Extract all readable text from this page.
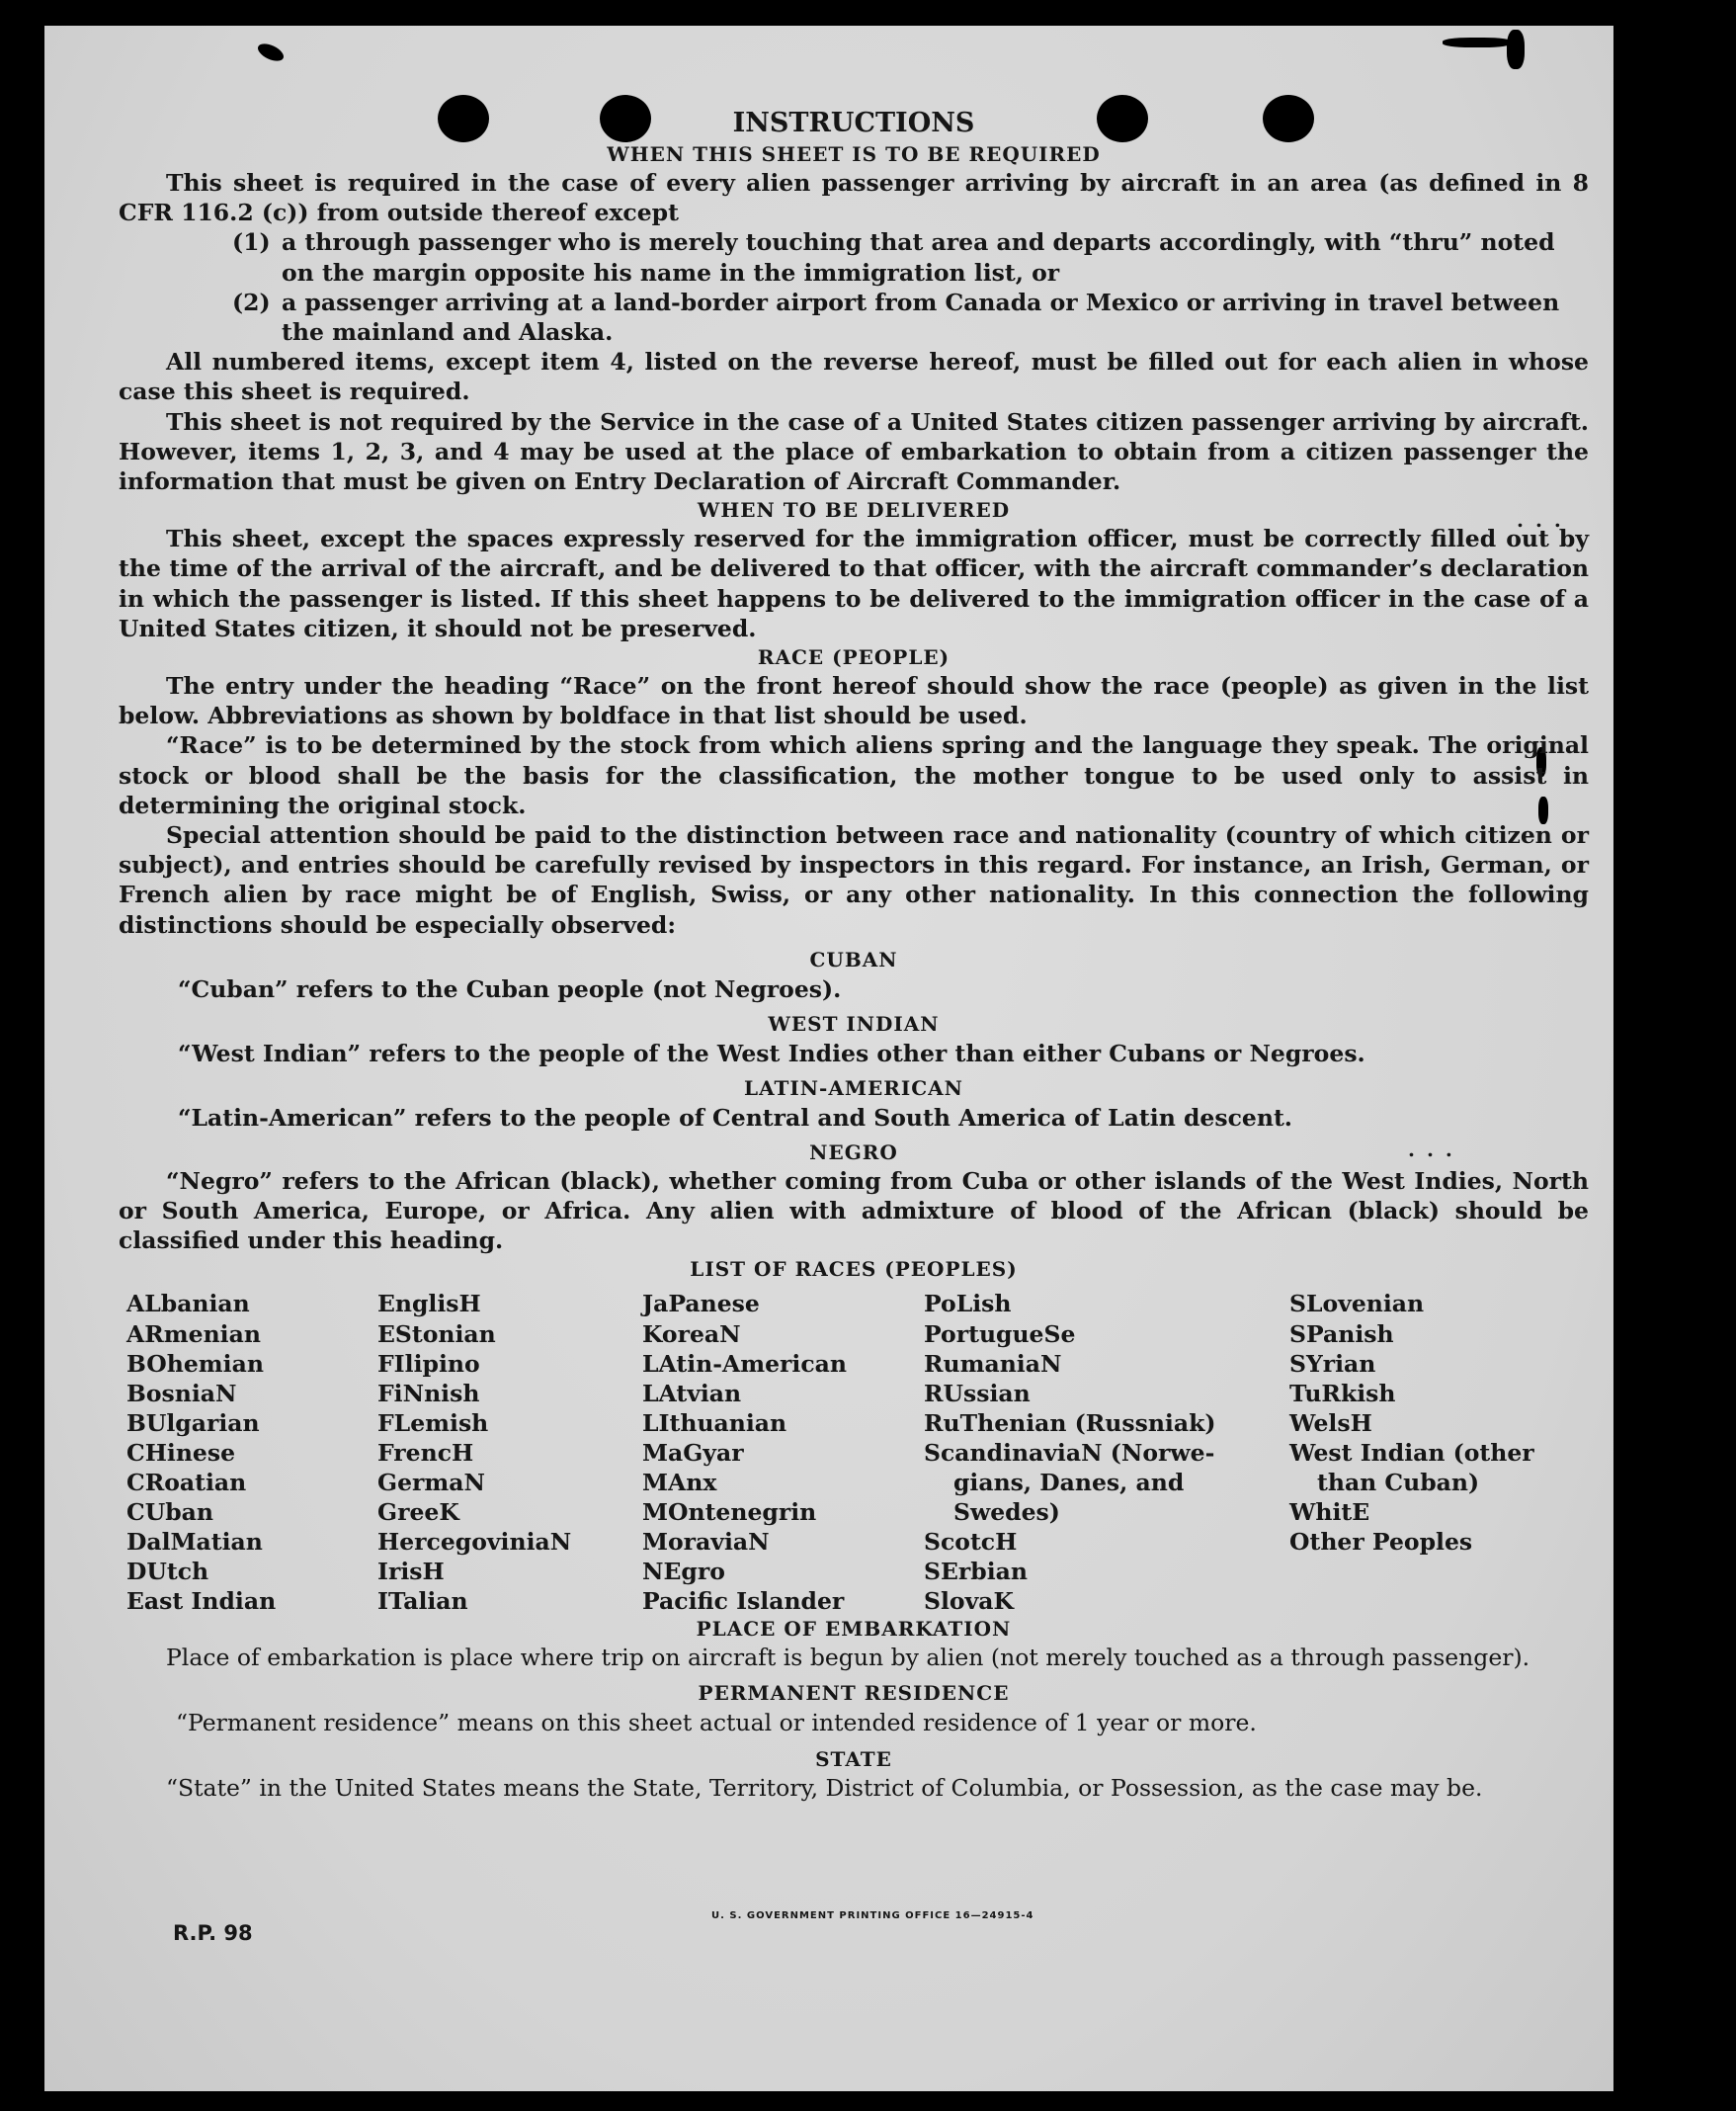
...
...
INSTRUCTIONS
WHEN THIS SHEET IS TO BE REQUIRED

This sheet is required in the case of every alien passenger arriving by aircraft in an area (as defined in 8 CFR 116.2 (c)) from outside thereof except

(1) a through passenger who is merely touching that area and departs accordingly, with “thru” noted on the margin opposite his name in the immigration list, or
(2) a passenger arriving at a land-border airport from Canada or Mexico or arriving in travel between the mainland and Alaska.

All numbered items, except item 4, listed on the reverse hereof, must be filled out for each alien in whose case this sheet is required.

This sheet is not required by the Service in the case of a United States citizen passenger arriving by aircraft. However, items 1, 2, 3, and 4 may be used at the place of embarkation to obtain from a citizen passenger the information that must be given on Entry Declaration of Aircraft Commander.

WHEN TO BE DELIVERED

This sheet, except the spaces expressly reserved for the immigration officer, must be correctly filled out by the time of the arrival of the aircraft, and be delivered to that officer, with the aircraft commander’s declaration in which the passenger is listed. If this sheet happens to be delivered to the immigration officer in the case of a United States citizen, it should not be preserved.

RACE (PEOPLE)

The entry under the heading “Race” on the front hereof should show the race (people) as given in the list below. Abbreviations as shown by boldface in that list should be used.

“Race” is to be determined by the stock from which aliens spring and the language they speak. The original stock or blood shall be the basis for the classification, the mother tongue to be used only to assist in determining the original stock.

Special attention should be paid to the distinction between race and nationality (country of which citizen or subject), and entries should be carefully revised by inspectors in this regard. For instance, an Irish, German, or French alien by race might be of English, Swiss, or any other nationality. In this connection the following distinctions should be especially observed:

CUBAN

“Cuban” refers to the Cuban people (not Negroes).

WEST INDIAN

“West Indian” refers to the people of the West Indies other than either Cubans or Negroes.

LATIN-AMERICAN

“Latin-American” refers to the people of Central and South America of Latin descent.

NEGRO

“Negro” refers to the African (black), whether coming from Cuba or other islands of the West Indies, North or South America, Europe, or Africa. Any alien with admixture of blood of the African (black) should be classified under this heading.

LIST OF RACES (PEOPLES)
ALbanian
ARmenian
BOhemian
BosniaN
BUlgarian
CHinese
CRoatian
CUban
DalMatian
DUtch
East Indian
EnglisH
EStonian
FIlipino
FiNnish
FLemish
FrencH
GermaN
GreeK
HercegoviniaN
IrisH
ITalian
JaPanese
KoreaN
LAtin-American
LAtvian
LIthuanian
MaGyar
MAnx
MOntenegrin
MoraviaN
NEgro
Pacific Islander
PoLish
PortugueSe
RumaniaN
RUssian
RuThenian (Russniak)
ScandinaviaN (Norwe-
gians, Danes, and
Swedes)
ScotcH
SErbian
SlovaK
SLovenian
SPanish
SYrian
TuRkish
WelsH
West Indian (other
than Cuban)
WhitE
Other Peoples
PLACE OF EMBARKATION

Place of embarkation is place where trip on aircraft is begun by alien (not merely touched as a through passenger).

PERMANENT RESIDENCE

“Permanent residence” means on this sheet actual or intended residence of 1 year or more.

STATE

“State” in the United States means the State, Territory, District of Columbia, or Possession, as the case may be.

R.P. 98
U. S. GOVERNMENT PRINTING OFFICE 16—24915-4
